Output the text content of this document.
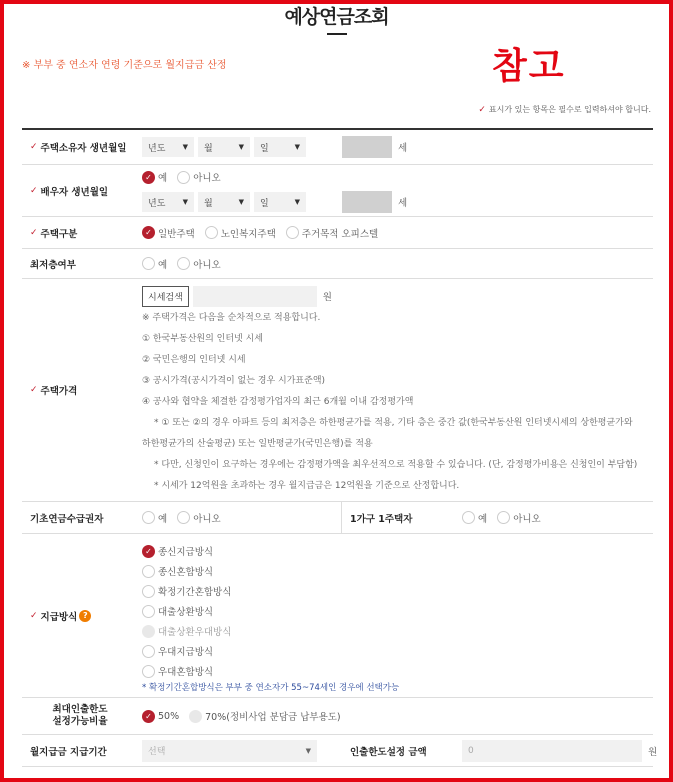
예상연금조회
참고
※ 부부 중 연소자 연령 기준으로 월지급금 산정
✓ 표시가 있는 항목은 필수로 입력하셔야 합니다.
✓ 주택소유자 생년월일 년도 ▼ 월	▼ 일	▼	세
✓ 배우자 생년월일
✓ 예	아니오
년도 ▼ 월	▼ 일	▼	세
✓ 주택구분	✓ 일반주택	노인복지주택	주거목적 오피스텔
최저층여부	예	아니오
✓ 주택가격
시세검색	원
※ 주택가격은 다음을 순차적으로 적용합니다.
① 한국부동산원의 인터넷 시세
② 국민은행의 인터넷 시세
③ 공시가격(공시가격이 없는 경우 시가표준액)
④ 공사와 협약을 체결한 감정평가업자의 최근 6개월 이내 감정평가액
* ① 또는 ②의 경우 아파트 등의 최저층은 하한평균가를 적용, 기타 층은 중간 값(한국부동산원 인터넷시세의 상한평균가와
하한평균가의 산술평균) 또는 일반평균가(국민은행)를 적용
* 다만, 신청인이 요구하는 경우에는 감정평가액을 최우선적으로 적용할 수 있습니다. (단, 감정평가비용은 신청인이 부담함)
* 시세가 12억원을 초과하는 경우 월지급금은 12억원을 기준으로 산정합니다.
기초연금수급권자	예	아니오	1가구 1주택자	예	아니오
✓ 지급방식 ?
✓ 종신지급방식
종신혼합방식
확정기간혼합방식
대출상환방식
대출상환우대방식
우대지급방식
우대혼합방식
* 확정기간혼합방식은 부부 중 연소자가 55~74세인 경우에 선택가능
최대인출한도
설정가능비율	✓ 50%	70%(정비사업 분담금 납부용도)
월지급금 지급기간	선택	▼	인출한도설정 금액	0	원
